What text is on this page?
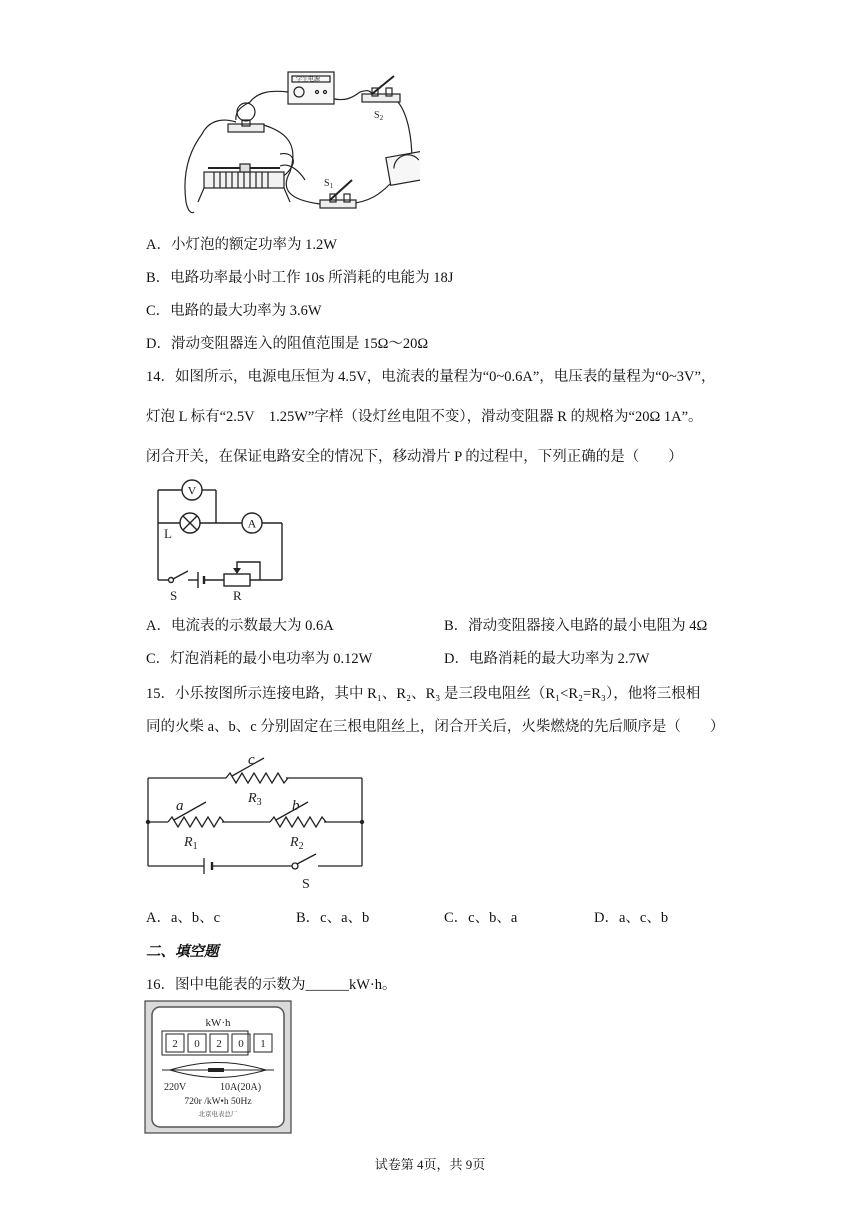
学生电源
$S_2$
$S_1$
A．小灯泡的额定功率为 1.2W
B．电路功率最小时工作 10s 所消耗的电能为 18J
C．电路的最大功率为 3.6W
D．滑动变阻器连入的阻值范围是 15Ω～20Ω
14．如图所示，电源电压恒为 4.5V，电流表的量程为“0~0.6A”，电压表的量程为“0~3V”，
灯泡 L 标有“2.5V　1.25W”字样（设灯丝电阻不变），滑动变阻器 R 的规格为“20Ω 1A”。
闭合开关，在保证电路安全的情况下，移动滑片 P 的过程中，下列正确的是（　　）
V
A
L
S	R
A．电流表的示数最大为 0.6A	B．滑动变阻器接入电路的最小电阻为 4Ω
C．灯泡消耗的最小电功率为 0.12W	D．电路消耗的最大功率为 2.7W
15．小乐按图所示连接电路，其中 R₁、R₂、R₃ 是三段电阻丝（R₁<R₂=R₃），他将三根相
同的火柴 a、b、c 分别固定在三根电阻丝上，闭合开关后，火柴燃烧的先后顺序是（　　）
c
$R_3$
a
$R_1$
b
$R_2$
S
A．a、b、c	B．c、a、b	C．c、b、a	D．a、c、b
二、填空题
16．图中电能表的示数为______kW·h。
kW·h
2 0 2 0 1
220V	10A(20A)
720r /kW•h 50Hz
北京电表总厂
试卷第 4页，共 9页
